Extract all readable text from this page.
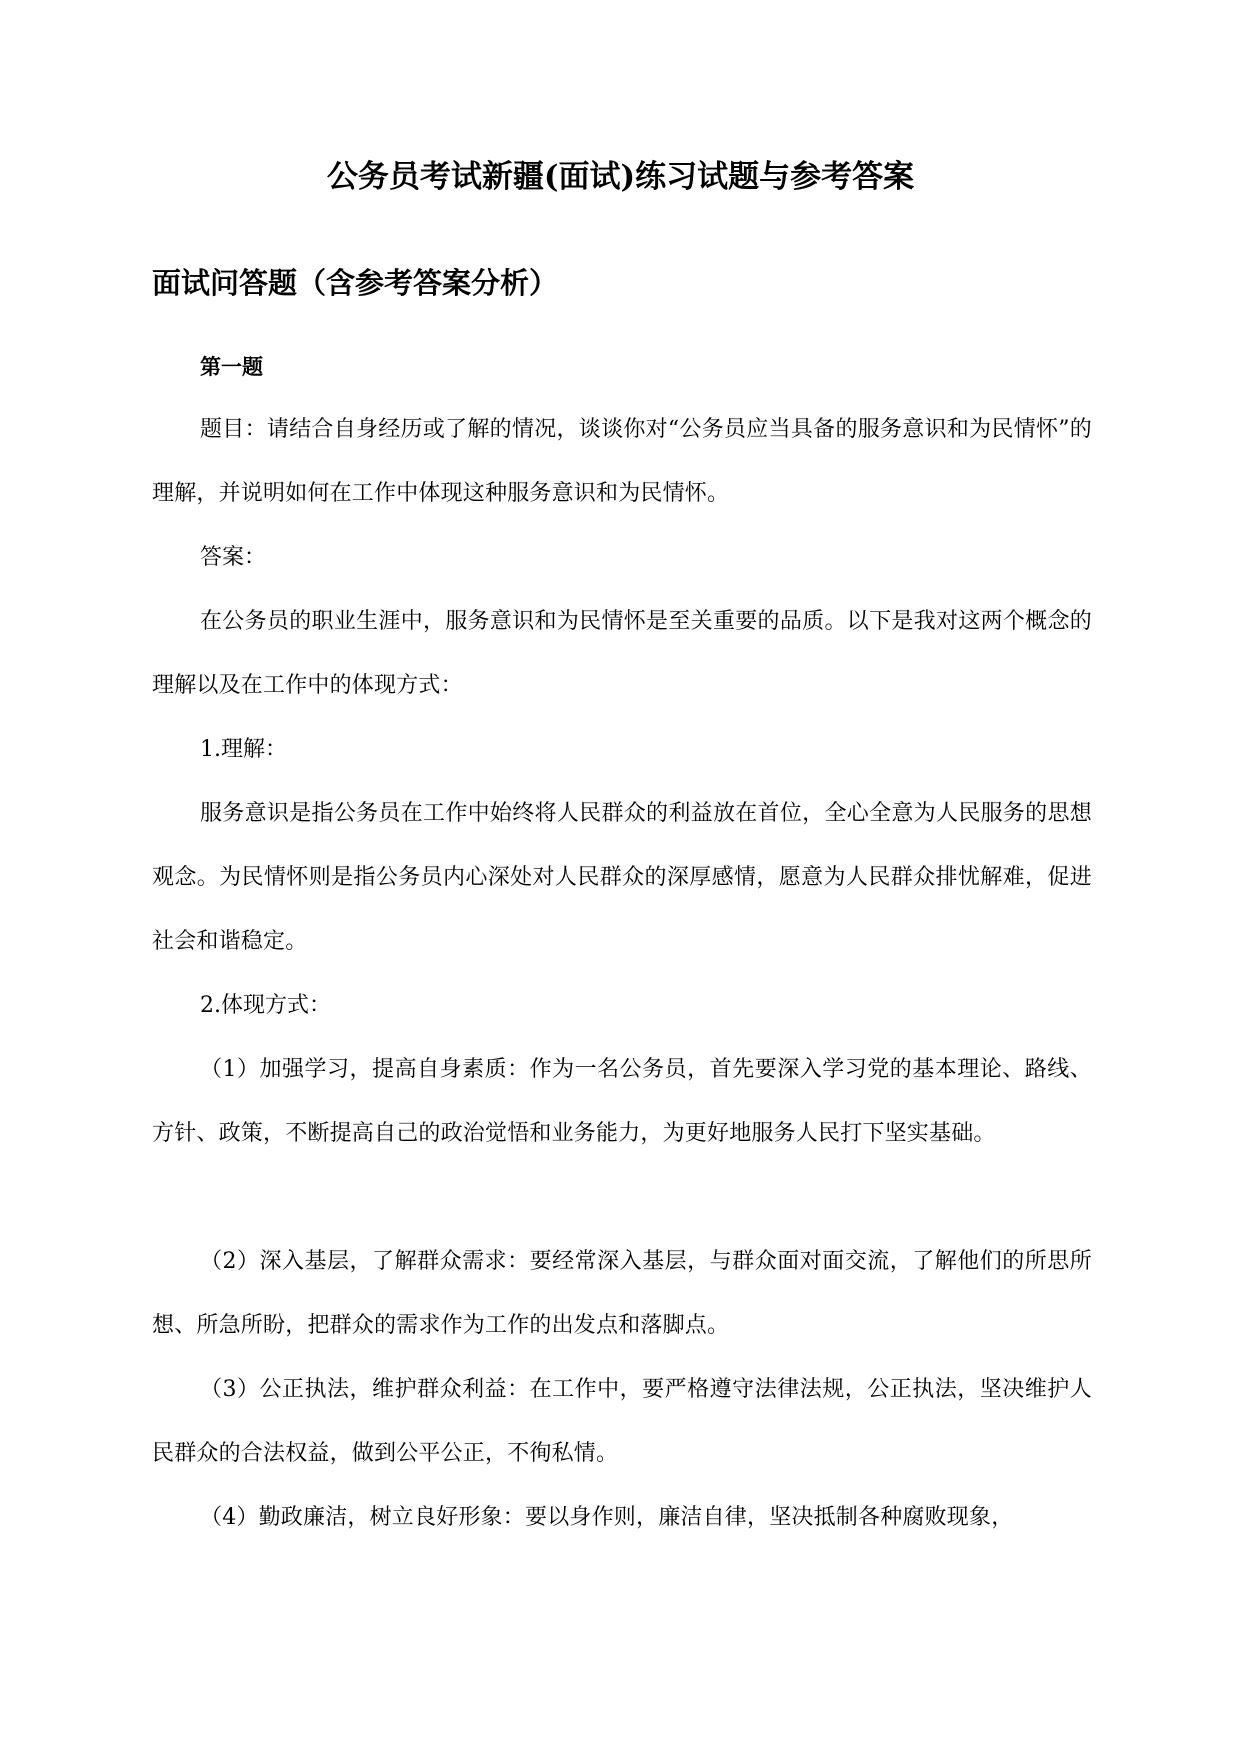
公务员考试新疆(面试)练习试题与参考答案
面试问答题（含参考答案分析）
第一题

题目：请结合自身经历或了解的情况，谈谈你对“公务员应当具备的服务意识和为民情怀”的理解，并说明如何在工作中体现这种服务意识和为民情怀。

答案：

在公务员的职业生涯中，服务意识和为民情怀是至关重要的品质。以下是我对这两个概念的理解以及在工作中的体现方式：

1.理解：

服务意识是指公务员在工作中始终将人民群众的利益放在首位，全心全意为人民服务的思想观念。为民情怀则是指公务员内心深处对人民群众的深厚感情，愿意为人民群众排忧解难，促进社会和谐稳定。

2.体现方式：

（1）加强学习，提高自身素质：作为一名公务员，首先要深入学习党的基本理论、路线、方针、政策，不断提高自己的政治觉悟和业务能力，为更好地服务人民打下坚实基础。

（2）深入基层，了解群众需求：要经常深入基层，与群众面对面交流，了解他们的所思所想、所急所盼，把群众的需求作为工作的出发点和落脚点。

（3）公正执法，维护群众利益：在工作中，要严格遵守法律法规，公正执法，坚决维护人民群众的合法权益，做到公平公正，不徇私情。

（4）勤政廉洁，树立良好形象：要以身作则，廉洁自律，坚决抵制各种腐败现象，
